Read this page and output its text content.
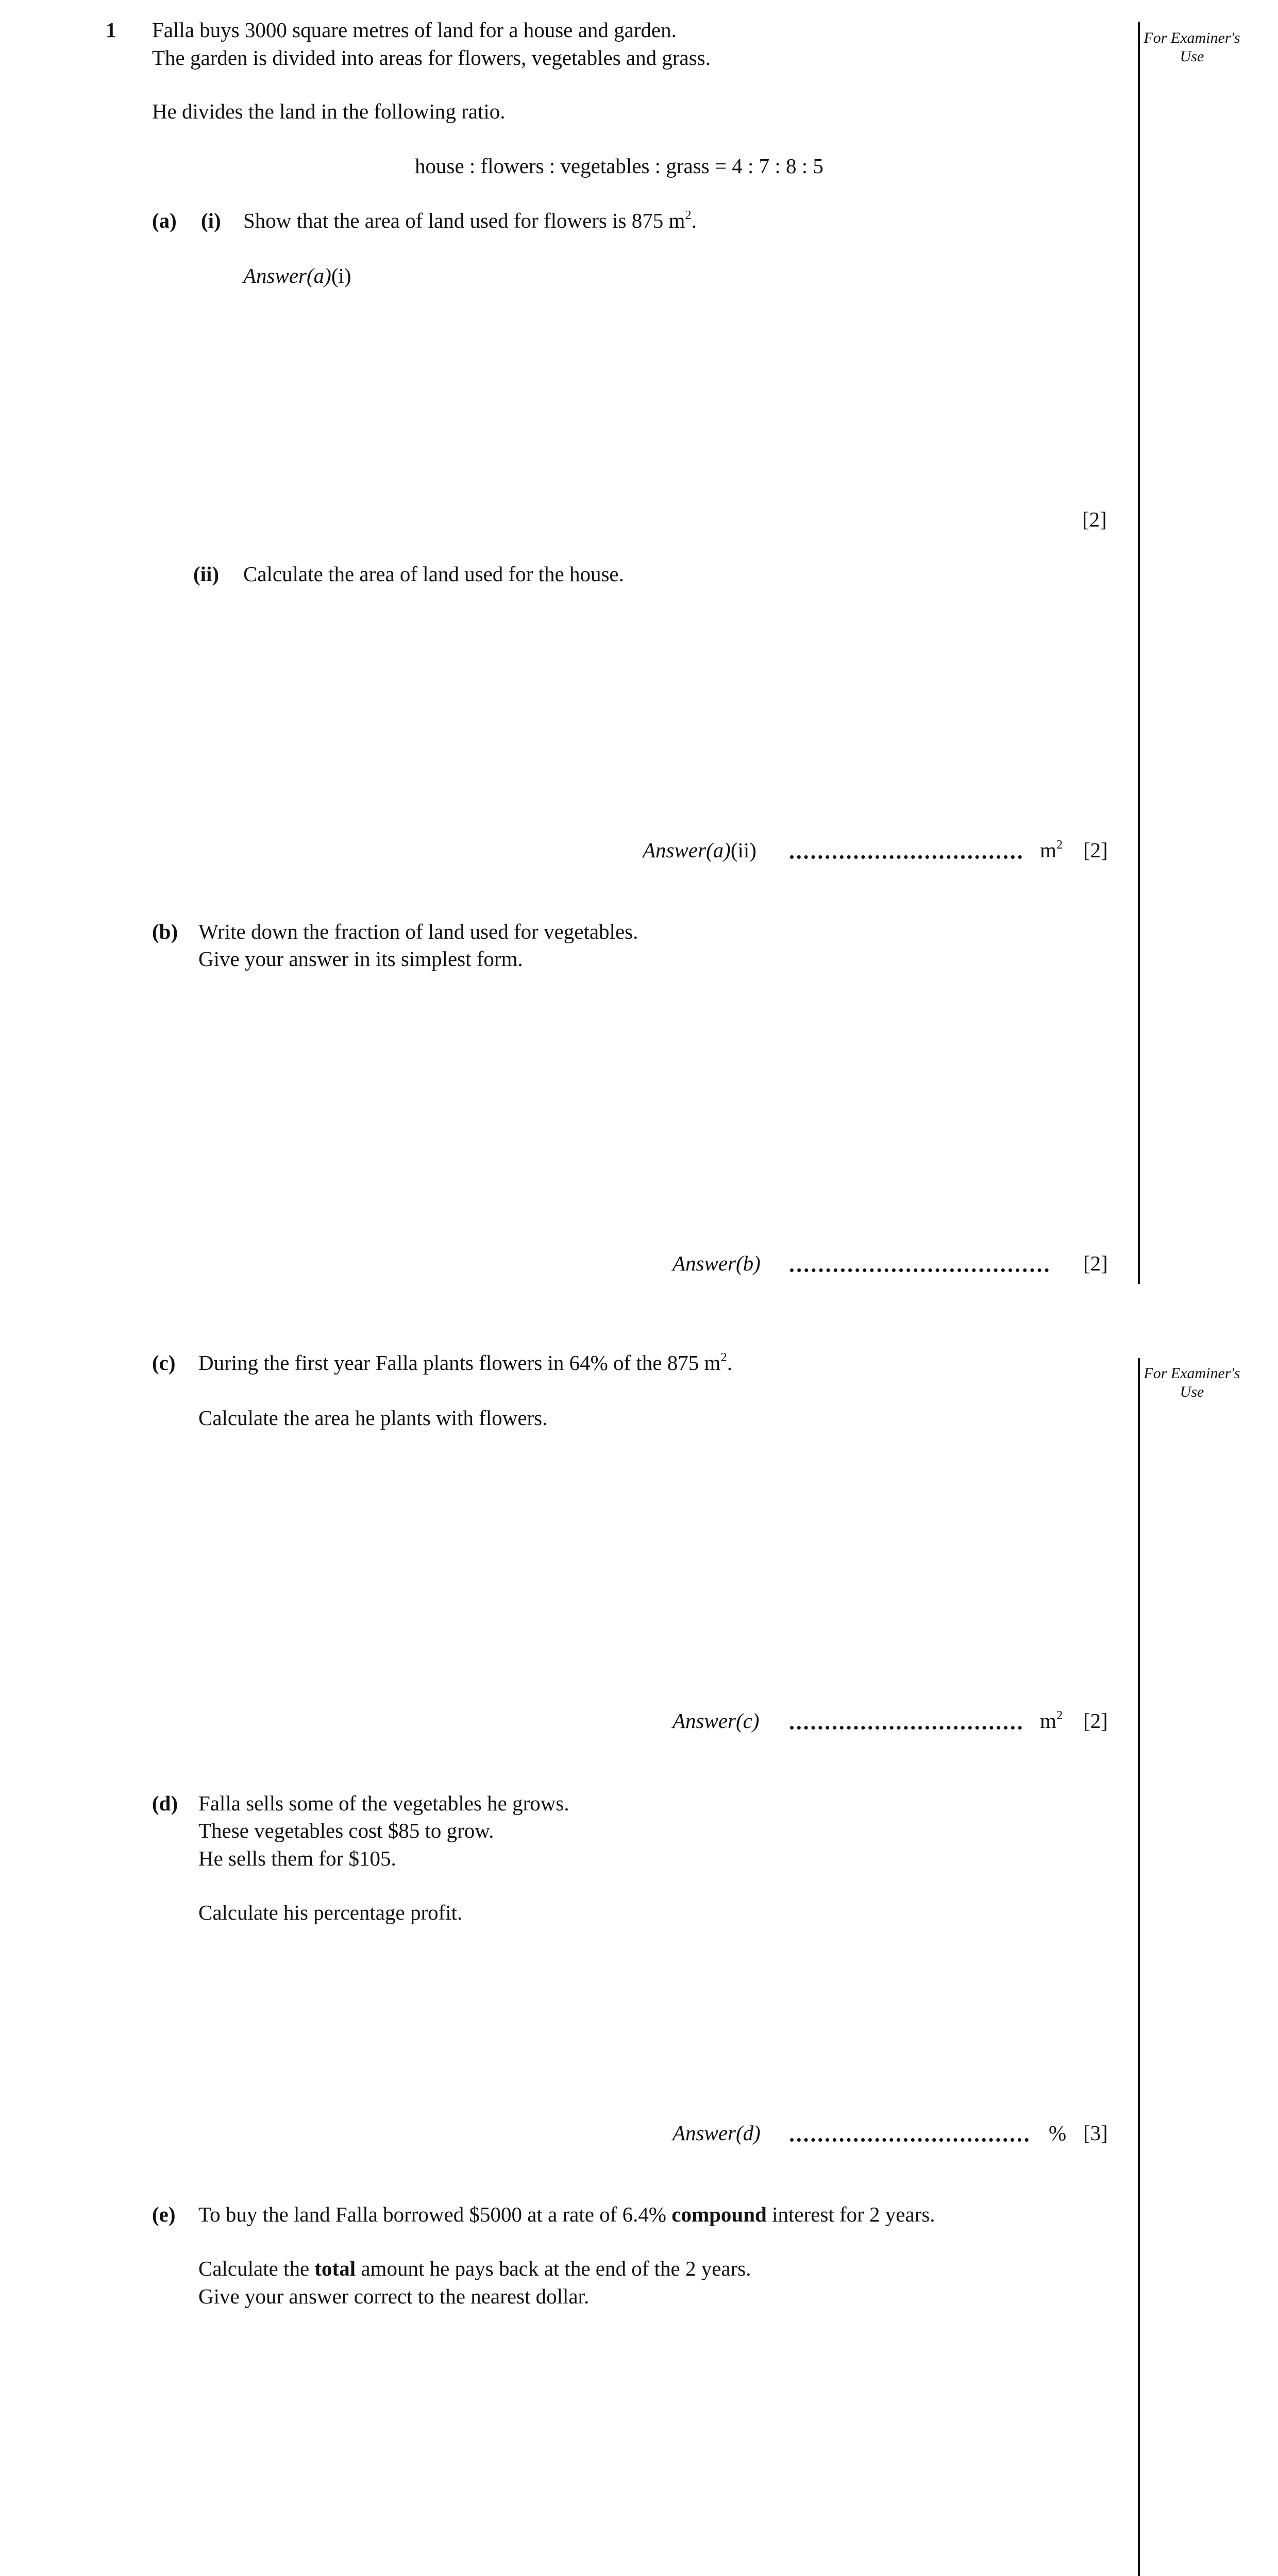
For Examiner's Use
For Examiner's Use
1 Falla buys 3000 square metres of land for a house and garden.
The garden is divided into areas for flowers, vegetables and grass.
He divides the land in the following ratio.
house : flowers : vegetables : grass = 4 : 7 : 8 : 5
(a) (i) Show that the area of land used for flowers is 875 $m^2$.
Answer(a)(i)
[2]
(ii) Calculate the area of land used for the house.
Answer(a)(ii)	$m^2$ [2]
(b) Write down the fraction of land used for vegetables.
Give your answer in its simplest form.
Answer(b)	[2]
(c) During the first year Falla plants flowers in 64% of the 875 $m^2$.
Calculate the area he plants with flowers.
Answer(c)	$m^2$ [2]
(d) Falla sells some of the vegetables he grows.
These vegetables cost $85 to grow.
He sells them for $105.
Calculate his percentage profit.
Answer(d)	% [3]
(e) To buy the land Falla borrowed $5000 at a rate of 6.4% compound interest for 2 years.
Calculate the total amount he pays back at the end of the 2 years.
Give your answer correct to the nearest dollar.
